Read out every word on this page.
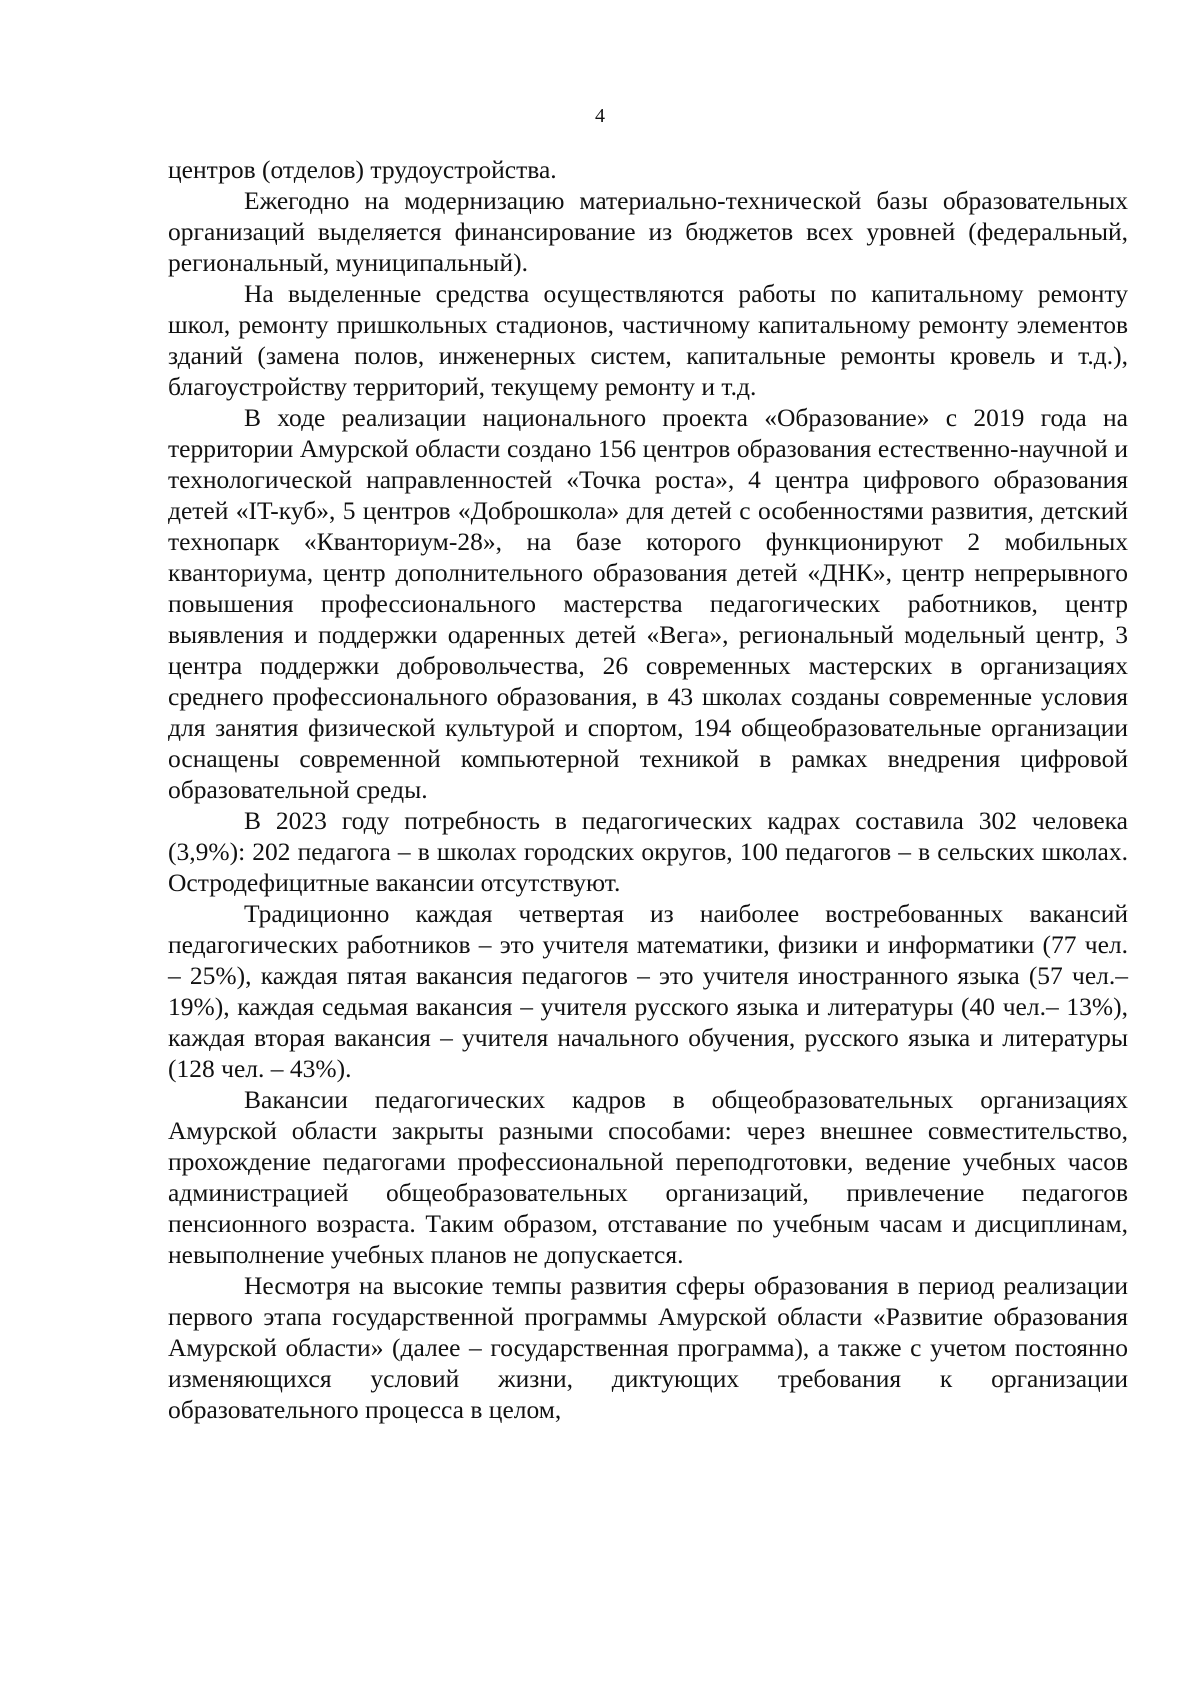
4

центров (отделов) трудоустройства.

Ежегодно на модернизацию материально-технической базы образовательных организаций выделяется финансирование из бюджетов всех уровней (федеральный, региональный, муниципальный).

На выделенные средства осуществляются работы по капитальному ремонту школ, ремонту пришкольных стадионов, частичному капитальному ремонту элементов зданий (замена полов, инженерных систем, капитальные ремонты кровель и т.д.), благоустройству территорий, текущему ремонту и т.д.

В ходе реализации национального проекта «Образование» с 2019 года на территории Амурской области создано 156 центров образования естественно-научной и технологической направленностей «Точка роста», 4 центра цифрового образования детей «IT-куб», 5 центров «Доброшкола» для детей с особенностями развития, детский технопарк «Кванториум-28», на базе которого функционируют 2 мобильных кванториума, центр дополнительного образования детей «ДНК», центр непрерывного повышения профессионального мастерства педагогических работников, центр выявления и поддержки одаренных детей «Вега», региональный модельный центр, 3 центра поддержки добровольчества, 26 современных мастерских в организациях среднего профессионального образования, в 43 школах созданы современные условия для занятия физической культурой и спортом, 194 общеобразовательные организации оснащены современной компьютерной техникой в рамках внедрения цифровой образовательной среды.

В 2023 году потребность в педагогических кадрах составила 302 человека (3,9%): 202 педагога – в школах городских округов, 100 педагогов – в сельских школах. Остродефицитные вакансии отсутствуют.

Традиционно каждая четвертая из наиболее востребованных вакансий педагогических работников – это учителя математики, физики и информатики (77 чел. – 25%), каждая пятая вакансия педагогов – это учителя иностранного языка (57 чел.– 19%), каждая седьмая вакансия – учителя русского языка и литературы (40 чел.– 13%), каждая вторая вакансия – учителя начального обучения, русского языка и литературы (128 чел. – 43%).

Вакансии педагогических кадров в общеобразовательных организациях Амурской области закрыты разными способами: через внешнее совместительство, прохождение педагогами профессиональной переподготовки, ведение учебных часов администрацией общеобразовательных организаций, привлечение педагогов пенсионного возраста. Таким образом, отставание по учебным часам и дисциплинам, невыполнение учебных планов не допускается.

Несмотря на высокие темпы развития сферы образования в период реализации первого этапа государственной программы Амурской области «Развитие образования Амурской области» (далее – государственная программа), а также с учетом постоянно изменяющихся условий жизни, диктующих требования к организации образовательного процесса в целом,
